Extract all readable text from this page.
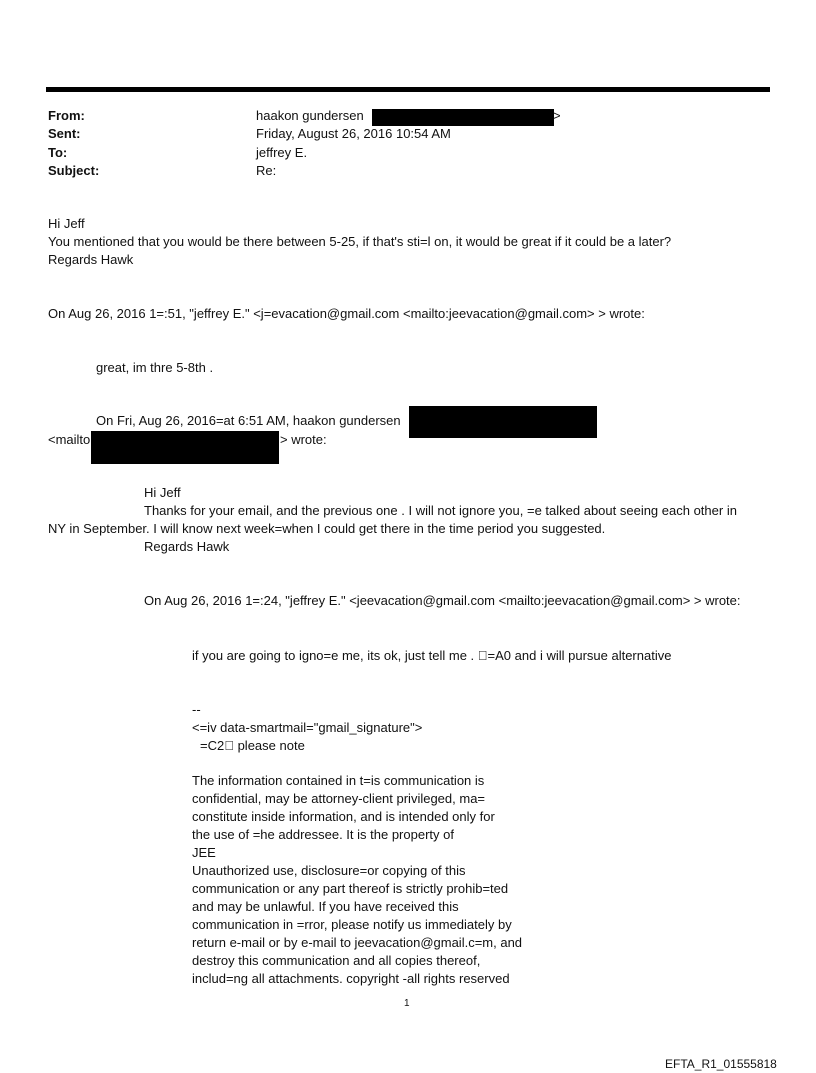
From:
Sent:
To:
Subject:
haakon gundersen	>
Friday, August 26, 2016 10:54 AM
jeffrey E.
Re:
Hi Jeff
You mentioned that you would be there between 5-25, if that's sti=l on, it would be great if it could be a later?
Regards Hawk
On Aug 26, 2016 1=:51, "jeffrey E." <j=evacation@gmail.com <mailto:jeevacation@gmail.com> > wrote:
great, im thre 5-8th .
On Fri, Aug 26, 2016=at 6:51 AM, haakon gundersen
<mailto	> wrote:
Hi Jeff
Thanks for your email, and the previous one . I will not ignore you, =e talked about seeing each other in
NY in September. I will know next week=when I could get there in the time period you suggested.
Regards Hawk
On Aug 26, 2016 1=:24, "jeffrey E." <jeevacation@gmail.com <mailto:jeevacation@gmail.com> > wrote:
if you are going to igno=e me, its ok, just tell me .  =A0 and i will pursue alternative
--
<=iv data-smartmail="gmail_signature">
=C2  please note
The information contained in t=is communication is
confidential, may be attorney-client privileged, ma=
constitute inside information, and is intended only for
the use of =he addressee. It is the property of
JEE
Unauthorized use, disclosure=or copying of this
communication or any part thereof is strictly prohib=ted
and may be unlawful. If you have received this
communication in =rror, please notify us immediately by
return e-mail or by e-mail to jeevacation@gmail.c=m, and
destroy this communication and all copies thereof,
includ=ng all attachments. copyright -all rights reserved
1
EFTA_R1_01555818
